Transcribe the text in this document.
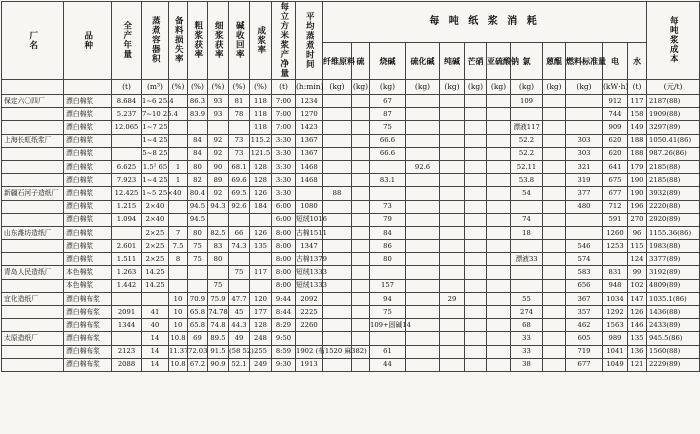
厂名	品种	全产年量	蒸煮容器积	备料损失率	粗浆获率	细浆获率	碱收回率	成浆率	每立方米浆产净量	平均蒸煮时间	每 吨 纸 浆 消 耗												每吨浆成本
											纤维原料	硫	烧碱	硫化碱	纯碱	芒硝	亚硫酸钠	氯	蒽醌	燃料标准量	电	水	
		(t)	(m³)	(%)	(%)	(%)	(%)	(%)	(t)	(h:min)	(kg)	(kg)	(kg)	(kg)	(kg)	(kg)	(kg)	(kg)	(kg)	(kg)	(kW·h)	(t)	(元/t)
保定六〇四厂	漂白棉浆	8.684	1~6 25.4		86.3	93	81	118	7:00	1234			67					109			912	117	2187(88)
	漂白棉浆	5.237	7~10 25.4		83.9	93	78	118	7:00	1270			87								744	158	1909(88)
	漂白棉浆	12.065	1~7 25					118	7:00	1423			75					漂液117			909	149	3297(89)
上海长虹纸浆厂	漂白棉浆		1~4 25		84	92	73	115.2	3:30	1367			66.6					52.2		303	620	188	1050.41(86)
	漂白棉浆		5~8 25		84	92	73	121.5	3:30	1367			66.6					52.2		303	620	188	987.26(86)
	漂白棉浆	6.625	1.5² 65	1	80	90	68.1	128	3:30	1468				92.6				52.11		321	641	179	2185(88)
	漂白棉浆	7.923	1~4 25	1	82	89	69.6	128	3:30	1468			83.1					53.8		319	675	190	2185(88)
新疆石河子造纸厂	漂白棉浆	12.425	1~5 25×40		80.4	92	69.5	126	3:30		88							54		377	677	190	3932(89)
	漂白棉浆	1.215	2×40		94.5	94.3	92.6	184	6:00	1080			73							480	712	196	2220(88)
	漂白棉浆	1.094	2×40		94.5				6:00	短绒1016			79					74			591	270	2920(89)
山东潍坊造纸厂	漂白棉浆		2×25	7	80	82.5	66	126	8:00	古棉1511			84					18			1260	96	1155.36(86)
	漂白棉浆	2.601	2×25	7.5	75	83	74.3	135	8:00	1347			86							546	1253	115	1983(88)
	漂白棉浆	1.511	2×25	8	75	80			8:00	古棉1379			80					漂液33		574		124	3377(89)
青岛人民造纸厂	本色棉浆	1.263	14.25				75	117	8:00	短绒1333										583	831	99	3192(89)
	本色棉浆	1.442	14.25			75			8:00	短绒1333			157							656	948	102	4809(89)
宜化造纸厂	漂白棉布浆			10	70.9	75.9	47.7	120	9:44	2092			94		29			55		367	1034	147	1035.1(86)
	漂白棉布浆	2091	41	10	65.8	74.78	45	177	8:44	2225			75					274		357	1292	126	1436(88)
	漂白棉布浆	1344	40	10	65.8	74.8	44.3	128	8:29	2260			109+固碱14					68		462	1563	146	2433(89)
太原造纸厂	漂白棉布浆		14	10.8	69	89.5	49	248	9:50									33		605	989	135	945.5(86)
	漂白棉布浆	2123	14	11.37	72.03	91.5	(58 52)	255	8:59	1902 (布1520 麻382)			61					33		719	1041	136	1560(88)
	漂白棉布浆	2088	14	10.8	67.2	90.9	52.1	249	9:30	1913			44					38		677	1049	121	2229(89)
